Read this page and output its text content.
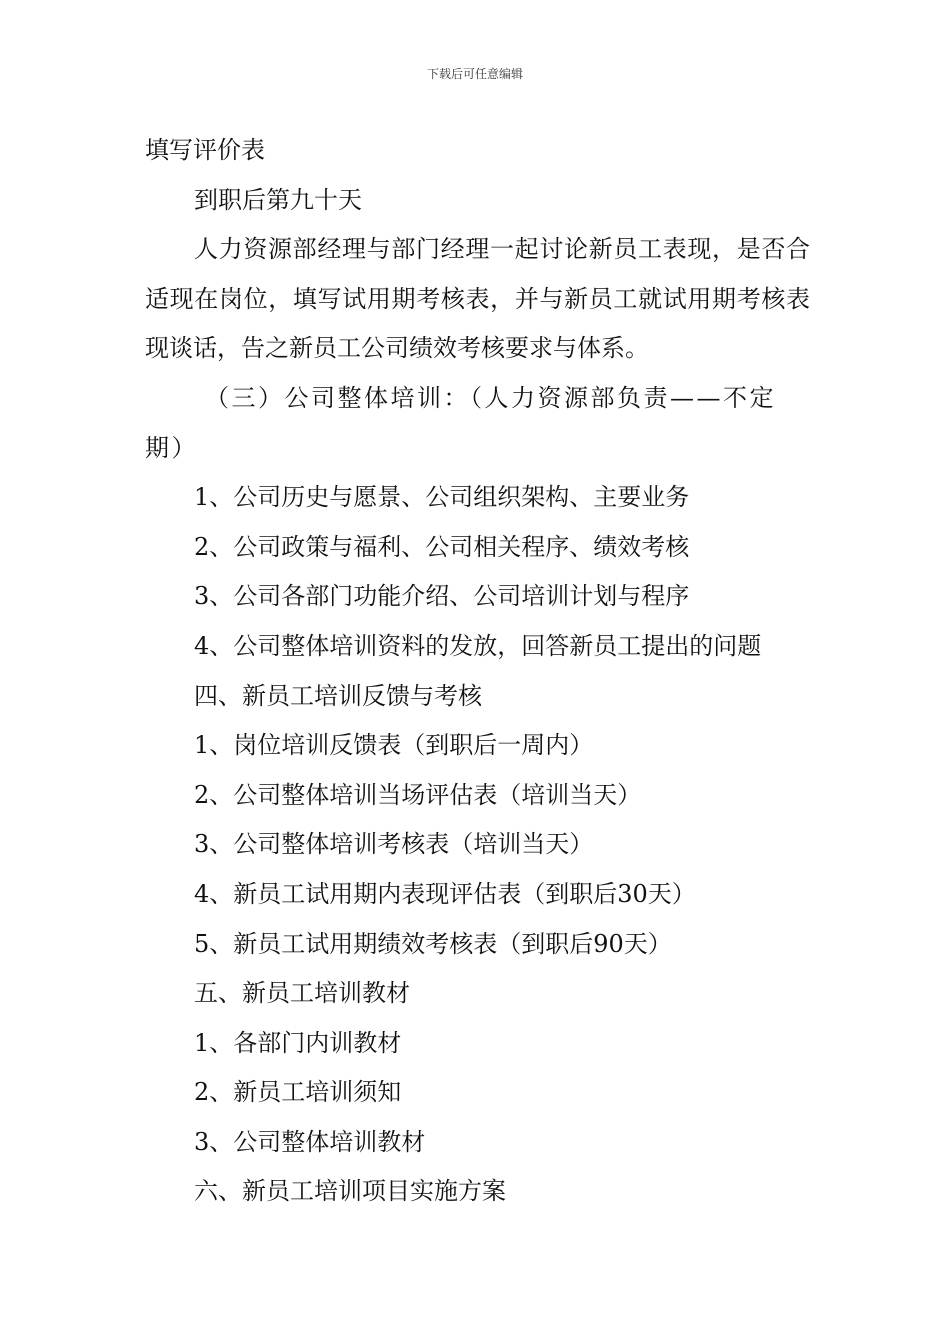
下载后可任意编辑

填写评价表

到职后第九十天

人力资源部经理与部门经理一起讨论新员工表现，是否合适现在岗位，填写试用期考核表，并与新员工就试用期考核表现谈话，告之新员工公司绩效考核要求与体系。

（三）公司整体培训：（人力资源部负责——不定期）

1、公司历史与愿景、公司组织架构、主要业务

2、公司政策与福利、公司相关程序、绩效考核

3、公司各部门功能介绍、公司培训计划与程序

4、公司整体培训资料的发放，回答新员工提出的问题

四、新员工培训反馈与考核

1、岗位培训反馈表（到职后一周内）

2、公司整体培训当场评估表（培训当天）

3、公司整体培训考核表（培训当天）

4、新员工试用期内表现评估表（到职后30天）

5、新员工试用期绩效考核表（到职后90天）

五、新员工培训教材

1、各部门内训教材

2、新员工培训须知

3、公司整体培训教材

六、新员工培训项目实施方案
